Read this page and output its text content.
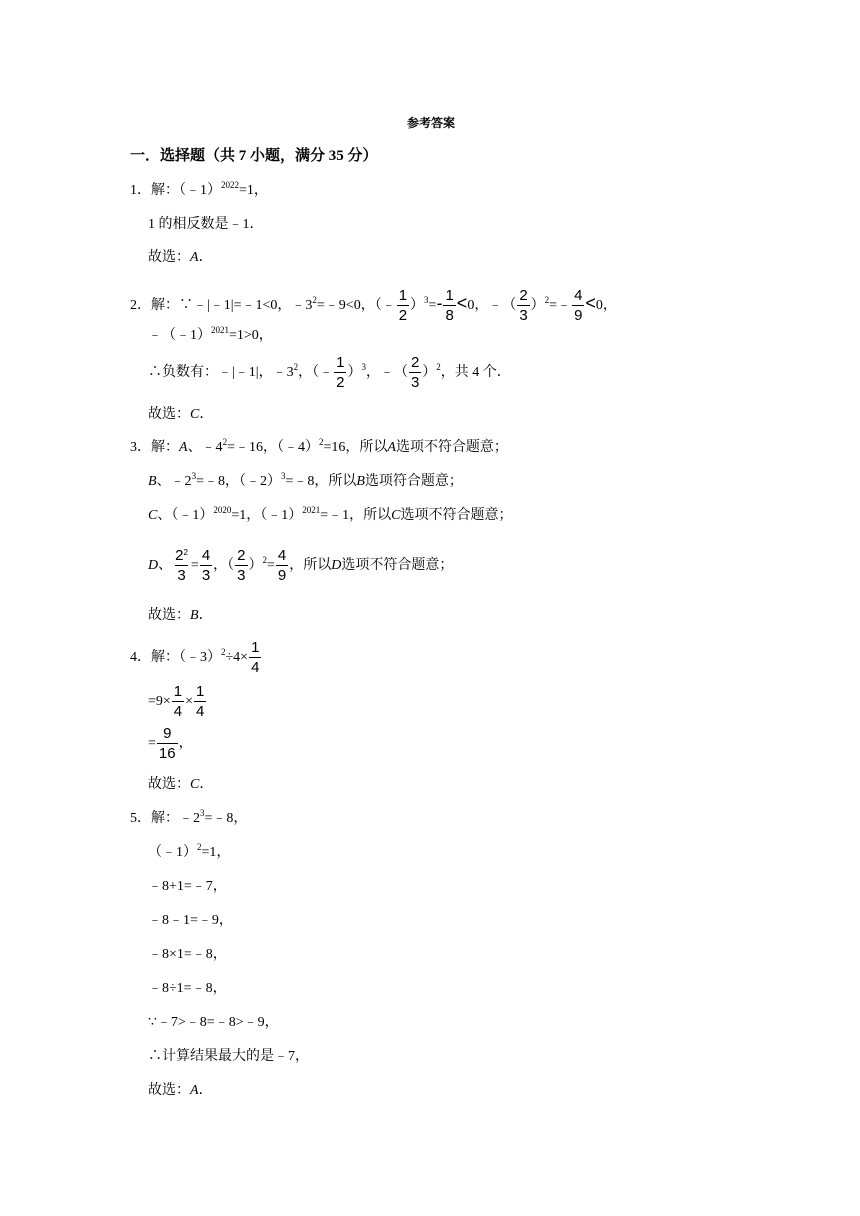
参考答案
一．选择题（共 7 小题，满分 35 分）
1．解：（﹣1）$^{2022}$=1，
1 的相反数是﹣1．
故选：A．
2．解：∵﹣|﹣1|=﹣1<0，$﹣3^2=﹣9<0$，（﹣ $\frac{1}{2} )^3=- \frac{1}{8} <0$，﹣（ $\frac{2}{3}$ ）$^2$=﹣ $\frac{4}{9} <0$，
﹣（﹣1）$^{2021}$=1>0，
∴负数有：﹣|﹣1|，$﹣3^2$，（﹣ $\frac{1}{2} )^3$，﹣（ $\frac{2}{3} )^2$，共 4 个．
故选：C．
3．解：A、$﹣4^2=﹣16$，（﹣4）$^2$=16，所以A选项不符合题意；
B、$﹣2^3=﹣8$，（﹣2）$^3$=﹣8，所以B选项符合题意；
C、（﹣1）$^{2020}$=1，（﹣1）$^{2021}$=﹣1，所以C选项不符合题意；
D、 $\frac{2^2}{3} = \frac{4}{3}$ ，（ $\frac{2}{3} )^2= \frac{4}{9}$ ，所以D选项不符合题意；
故选：B．
4．解：（﹣3）$^2$÷4× $\frac{1}{4}$
$=9\times \frac{1}{4} \times \frac{1}{4}$
= $\frac{9}{16}$ ，
故选：C．
5．解：$﹣2^3=﹣8$，
（﹣1）$^2$=1，
﹣8+1=﹣7，
﹣8﹣1=﹣9，
﹣8×1=﹣8，
﹣8÷1=﹣8，
∵﹣7>﹣8=﹣8>﹣9，
∴计算结果最大的是﹣7，
故选：A．
